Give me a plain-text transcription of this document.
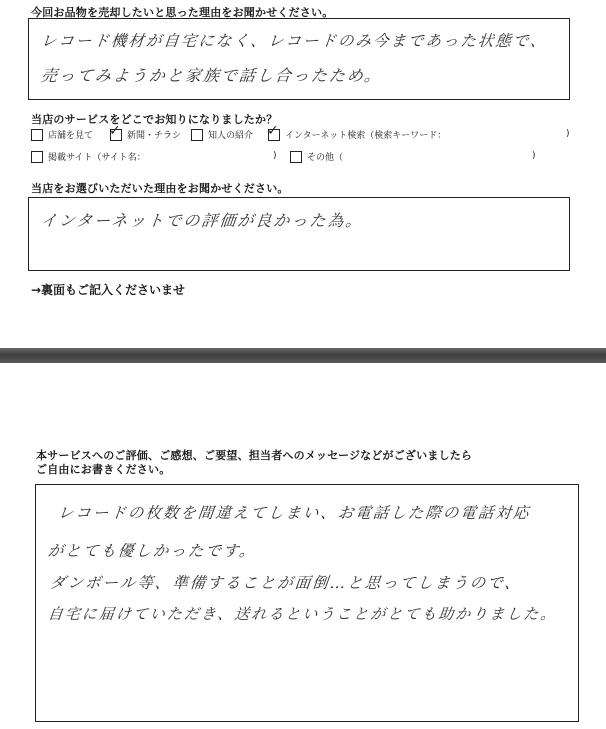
今回お品物を売却したいと思った理由をお聞かせください。
レコード機材が自宅になく、レコードのみ今まであった状態で、
売ってみようかと家族で話し合ったため。
当店のサービスをどこでお知りになりましたか？
店舗を見て ✓ 新聞・チラシ	知人の紹介 ✓ インターネット検索（検索キーワード：	)
掲載サイト（サイト名：	)	その他（	)
当店をお選びいただいた理由をお聞かせください。
インターネットでの評価が良かった為。
→裏面もご記入くださいませ
本サービスへのご評価、ご感想、ご要望、担当者へのメッセージなどがございましたら
ご自由にお書きください。
レコードの枚数を間違えてしまい、お電話した際の電話対応
がとても優しかったです。
ダンボール等、準備することが面倒…と思ってしまうので、
自宅に届けていただき、送れるということがとても助かりました。
